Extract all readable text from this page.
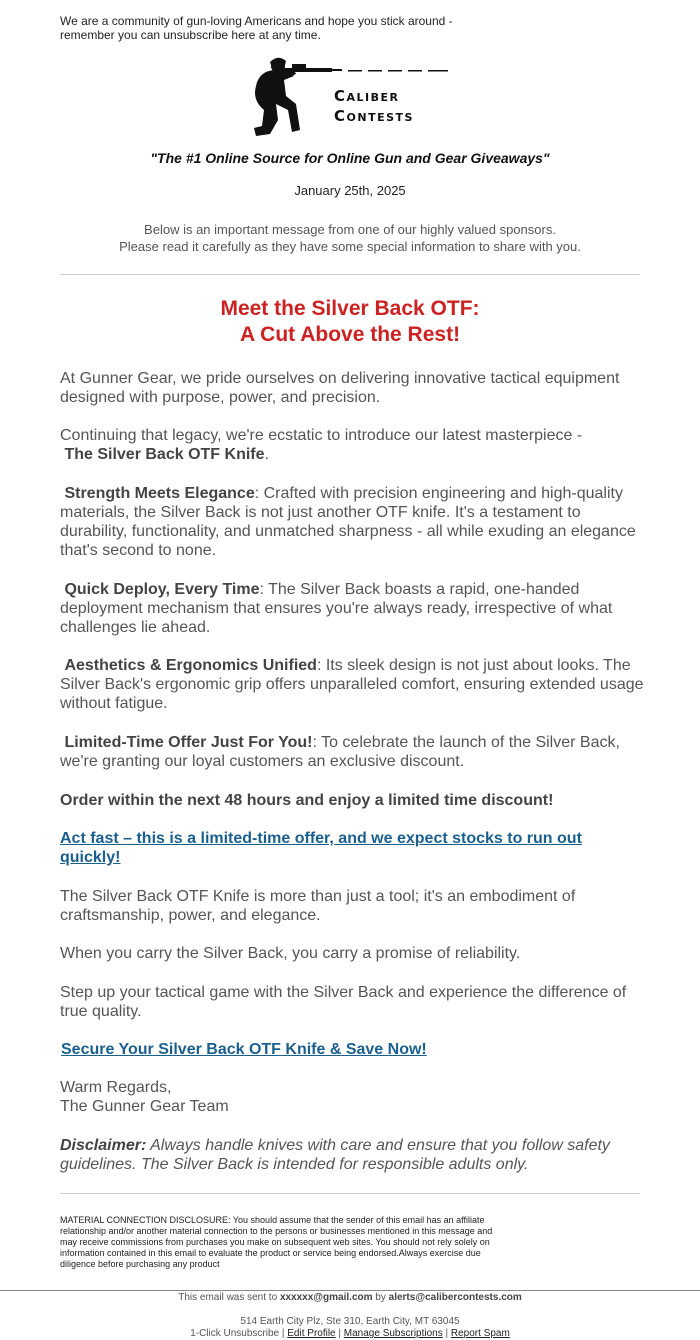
We are a community of gun-loving Americans and hope you stick around - remember you can unsubscribe here at any time.
Caliber
Contests
"The #1 Online Source for Online Gun and Gear Giveaways"
January 25th, 2025
Below is an important message from one of our highly valued sponsors.
Please read it carefully as they have some special information to share with you.
Meet the Silver Back OTF:
A Cut Above the Rest!
At Gunner Gear, we pride ourselves on delivering innovative tactical equipment designed with purpose, power, and precision.
Continuing that legacy, we're ecstatic to introduce our latest masterpiece -
The Silver Back OTF Knife.
Strength Meets Elegance: Crafted with precision engineering and high-quality materials, the Silver Back is not just another OTF knife. It's a testament to durability, functionality, and unmatched sharpness - all while exuding an elegance that's second to none.
Quick Deploy, Every Time: The Silver Back boasts a rapid, one-handed deployment mechanism that ensures you're always ready, irrespective of what challenges lie ahead.
Aesthetics & Ergonomics Unified: Its sleek design is not just about looks. The Silver Back's ergonomic grip offers unparalleled comfort, ensuring extended usage without fatigue.
Limited-Time Offer Just For You!: To celebrate the launch of the Silver Back, we're granting our loyal customers an exclusive discount.
Order within the next 48 hours and enjoy a limited time discount!
Act fast – this is a limited-time offer, and we expect stocks to run out quickly!
The Silver Back OTF Knife is more than just a tool; it's an embodiment of craftsmanship, power, and elegance.
When you carry the Silver Back, you carry a promise of reliability.
Step up your tactical game with the Silver Back and experience the difference of true quality.
Secure Your Silver Back OTF Knife & Save Now!
Warm Regards,
The Gunner Gear Team
Disclaimer: Always handle knives with care and ensure that you follow safety guidelines. The Silver Back is intended for responsible adults only.
MATERIAL CONNECTION DISCLOSURE: You should assume that the sender of this email has an affiliate relationship and/or another material connection to the persons or businesses mentioned in this message and may receive commissions from purchases you make on subsequent web sites. You should not rely solely on information contained in this email to evaluate the product or service being endorsed.Always exercise due diligence before purchasing any product
This email was sent to xxxxxx@gmail.com by alerts@calibercontests.com
514 Earth City Plz, Ste 310, Earth City, MT 63045
1-Click Unsubscribe | Edit Profile | Manage Subscriptions | Report Spam
